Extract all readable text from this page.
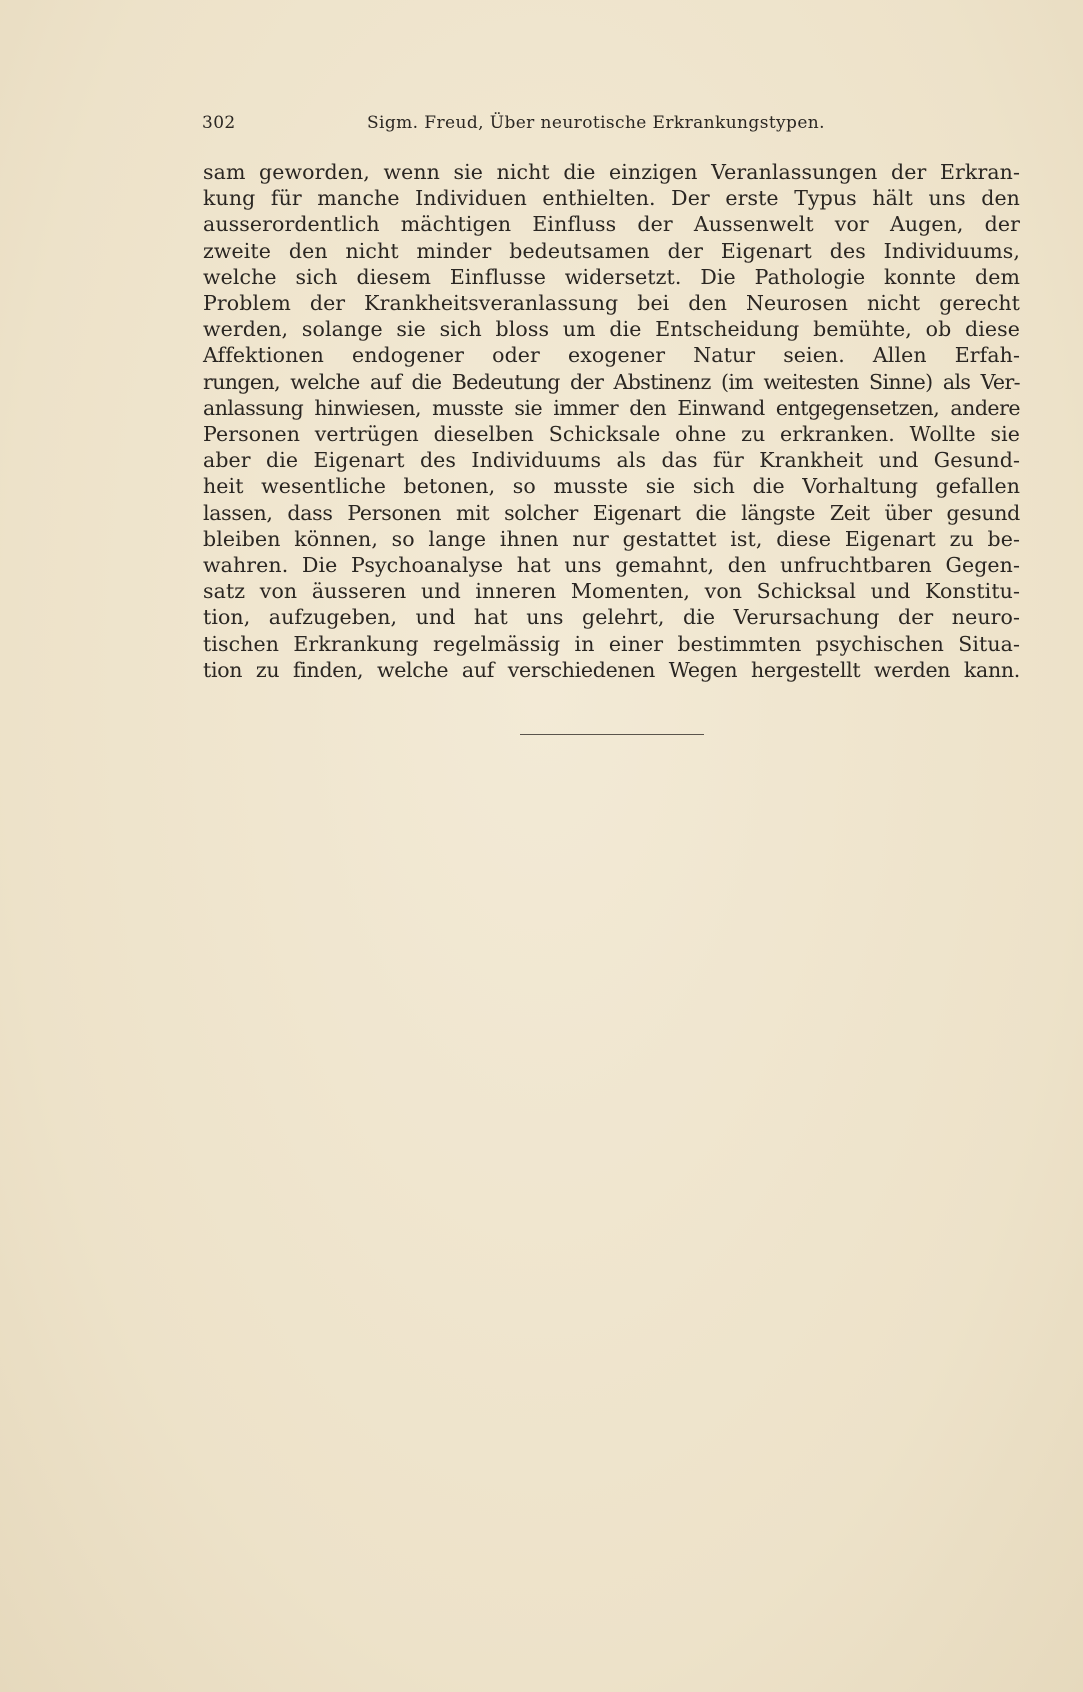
302	Sigm. Freud, Über neurotische Erkrankungstypen.
sam geworden, wenn sie nicht die einzigen Veranlassungen der Erkran-
kung für manche Individuen enthielten. Der erste Typus hält uns den
ausserordentlich mächtigen Einfluss der Aussenwelt vor Augen, der
zweite den nicht minder bedeutsamen der Eigenart des Individuums,
welche sich diesem Einflusse widersetzt. Die Pathologie konnte dem
Problem der Krankheitsveranlassung bei den Neurosen nicht gerecht
werden, solange sie sich bloss um die Entscheidung bemühte, ob diese
Affektionen endogener oder exogener Natur seien. Allen Erfah-
rungen, welche auf die Bedeutung der Abstinenz (im weitesten Sinne) als Ver-
anlassung hinwiesen, musste sie immer den Einwand entgegensetzen, andere
Personen vertrügen dieselben Schicksale ohne zu erkranken. Wollte sie
aber die Eigenart des Individuums als das für Krankheit und Gesund-
heit wesentliche betonen, so musste sie sich die Vorhaltung gefallen
lassen, dass Personen mit solcher Eigenart die längste Zeit über gesund
bleiben können, so lange ihnen nur gestattet ist, diese Eigenart zu be-
wahren. Die Psychoanalyse hat uns gemahnt, den unfruchtbaren Gegen-
satz von äusseren und inneren Momenten, von Schicksal und Konstitu-
tion, aufzugeben, und hat uns gelehrt, die Verursachung der neuro-
tischen Erkrankung regelmässig in einer bestimmten psychischen Situa-
tion zu finden, welche auf verschiedenen Wegen hergestellt werden kann.
